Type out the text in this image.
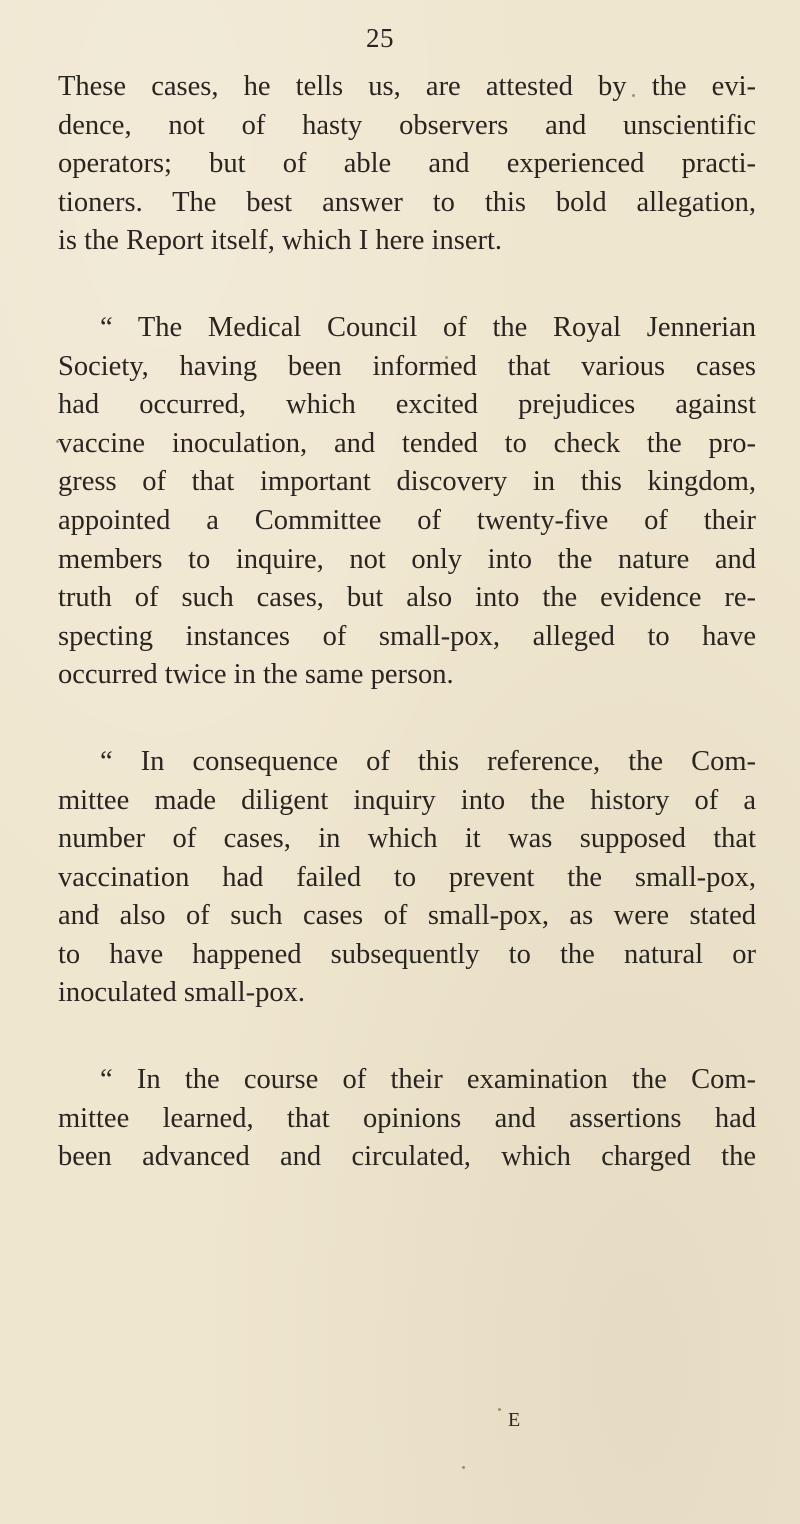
25

These cases, he tells us, are attested by the evi-
dence, not of hasty observers and unscientific
operators; but of able and experienced practi-
tioners. The best answer to this bold allegation,
is the Report itself, which I here insert.

“ The Medical Council of the Royal Jennerian
Society, having been informed that various cases
had occurred, which excited prejudices against
vaccine inoculation, and tended to check the pro-
gress of that important discovery in this kingdom,
appointed a Committee of twenty-five of their
members to inquire, not only into the nature and
truth of such cases, but also into the evidence re-
specting instances of small-pox, alleged to have
occurred twice in the same person.

“ In consequence of this reference, the Com-
mittee made diligent inquiry into the history of a
number of cases, in which it was supposed that
vaccination had failed to prevent the small-pox,
and also of such cases of small-pox, as were stated
to have happened subsequently to the natural or
inoculated small-pox.

“ In the course of their examination the Com-
mittee learned, that opinions and assertions had
been advanced and circulated, which charged the

E
